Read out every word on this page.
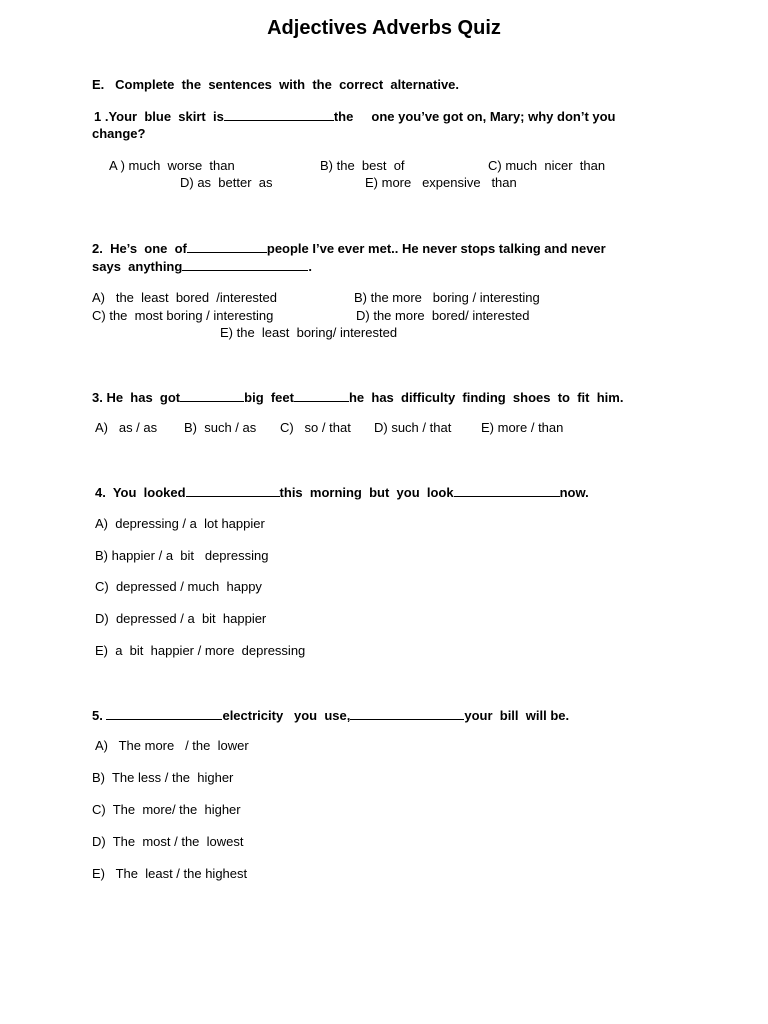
Adjectives Adverbs Quiz
E. Complete  the  sentences  with  the  correct  alternative.
1 .Your  blue  skirt  is	the one you’ve got on, Mary; why don’t you
change?
A ) much  worse  than	B) the  best  of	C) much  nicer  than
D) as  better  as	E) more   expensive   than
2.  He’s  one  of	people I’ve ever met.. He never stops talking and never
says  anything	.
A)   the  least  bored  /interested	B) the more   boring / interesting
C) the  most boring / interesting	D) the more  bored/ interested
E) the  least  boring/ interested
3. He  has  got	big  feet	he  has  difficulty  finding  shoes  to  fit  him.
A)   as / as B)  such / as C)   so / that D) such / that E) more / than
4.  You  looked	this  morning  but  you  look	now.
A)  depressing / a  lot happier
B) happier / a  bit   depressing
C)  depressed / much  happy
D)  depressed / a  bit  happier
E)  a  bit  happier / more  depressing
5.	electricity   you  use,	your  bill  will be.
A)   The more   / the  lower
B)  The less / the  higher
C)  The  more/ the  higher
D)  The  most / the  lowest
E)   The  least / the highest
